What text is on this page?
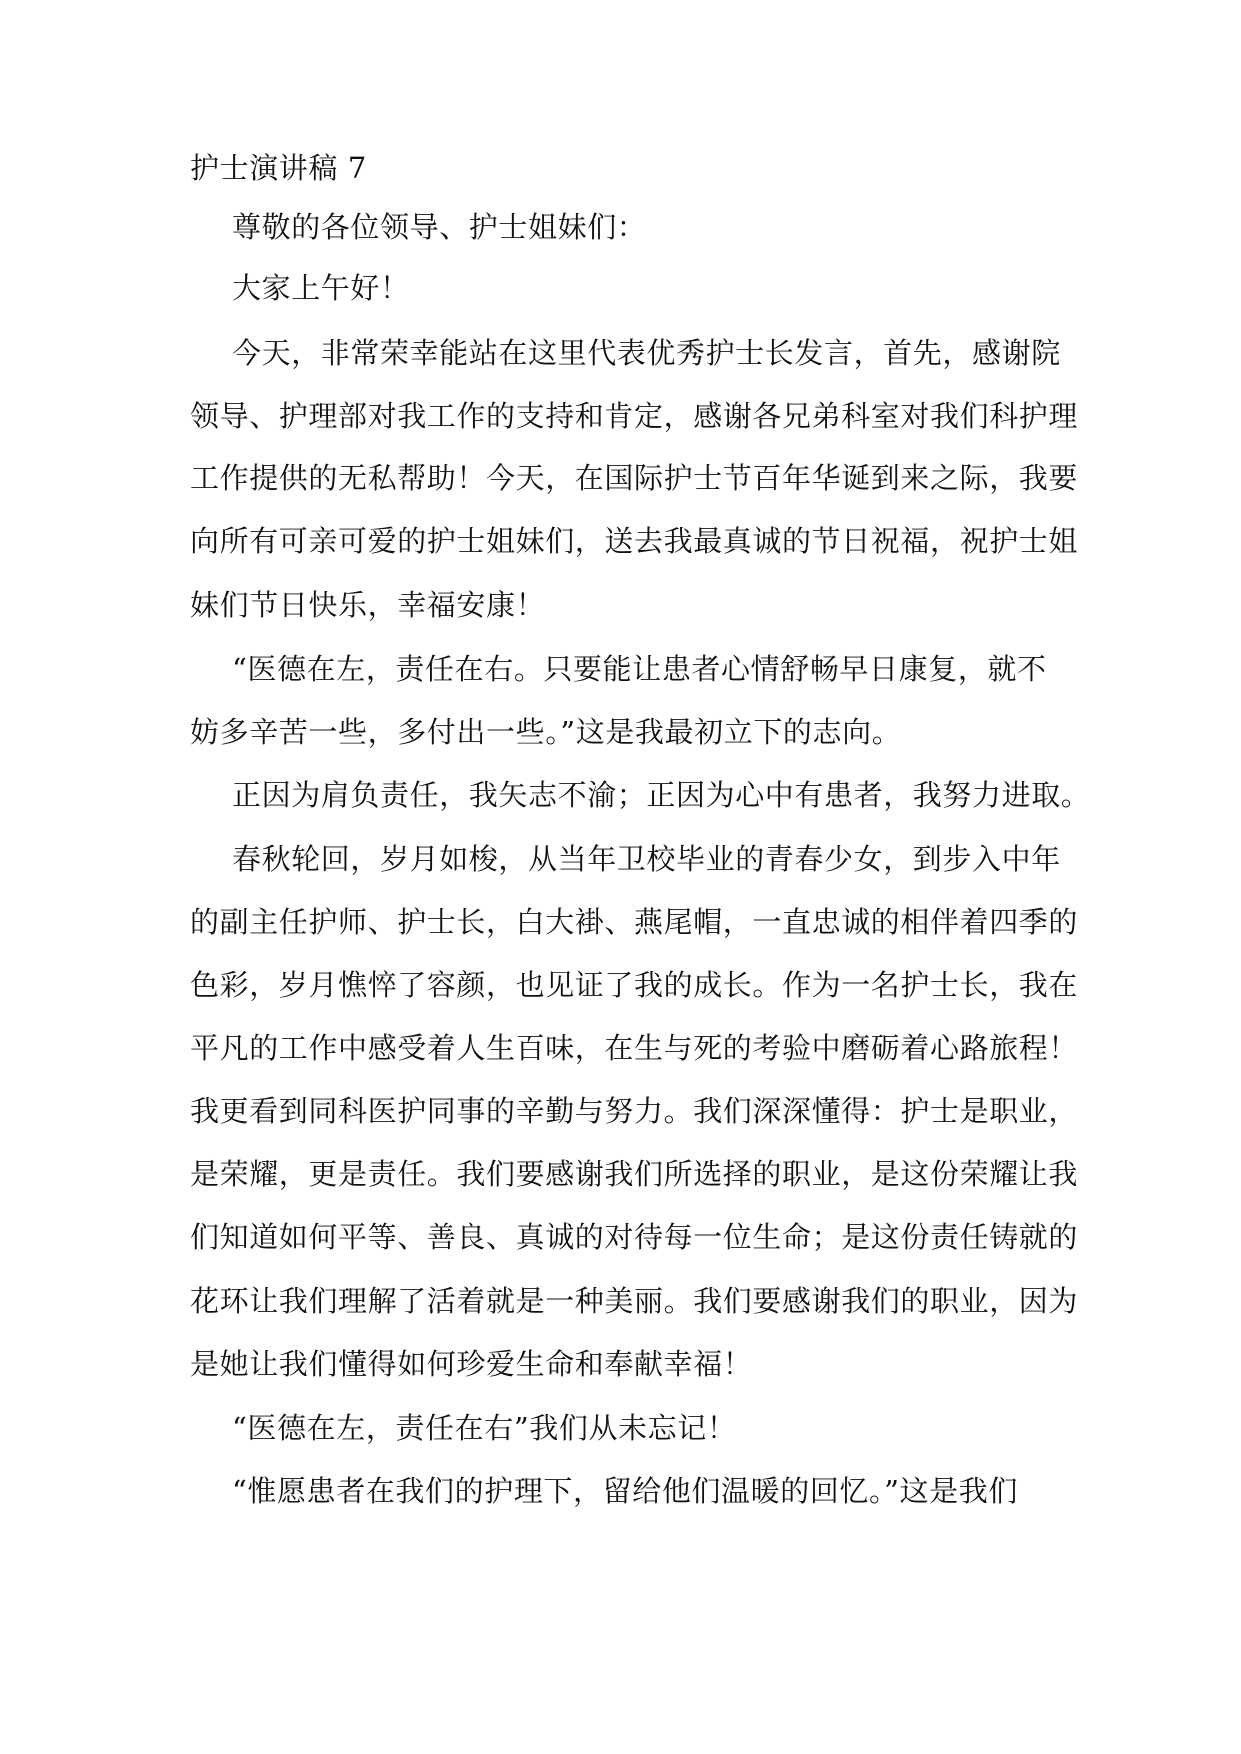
护士演讲稿 7
尊敬的各位领导、护士姐妹们：
大家上午好！
今天，非常荣幸能站在这里代表优秀护士长发言，首先，感谢院
领导、护理部对我工作的支持和肯定，感谢各兄弟科室对我们科护理
工作提供的无私帮助！今天，在国际护士节百年华诞到来之际，我要
向所有可亲可爱的护士姐妹们，送去我最真诚的节日祝福，祝护士姐
妹们节日快乐，幸福安康！
“医德在左，责任在右。只要能让患者心情舒畅早日康复，就不
妨多辛苦一些，多付出一些。”这是我最初立下的志向。
正因为肩负责任，我矢志不渝；正因为心中有患者，我努力进取。
春秋轮回，岁月如梭，从当年卫校毕业的青春少女，到步入中年
的副主任护师、护士长，白大褂、燕尾帽，一直忠诚的相伴着四季的
色彩，岁月憔悴了容颜，也见证了我的成长。作为一名护士长，我在
平凡的工作中感受着人生百味，在生与死的考验中磨砺着心路旅程！
我更看到同科医护同事的辛勤与努力。我们深深懂得：护士是职业，
是荣耀，更是责任。我们要感谢我们所选择的职业，是这份荣耀让我
们知道如何平等、善良、真诚的对待每一位生命；是这份责任铸就的
花环让我们理解了活着就是一种美丽。我们要感谢我们的职业，因为
是她让我们懂得如何珍爱生命和奉献幸福！
“医德在左，责任在右”我们从未忘记！
“惟愿患者在我们的护理下，留给他们温暖的回忆。”这是我们
